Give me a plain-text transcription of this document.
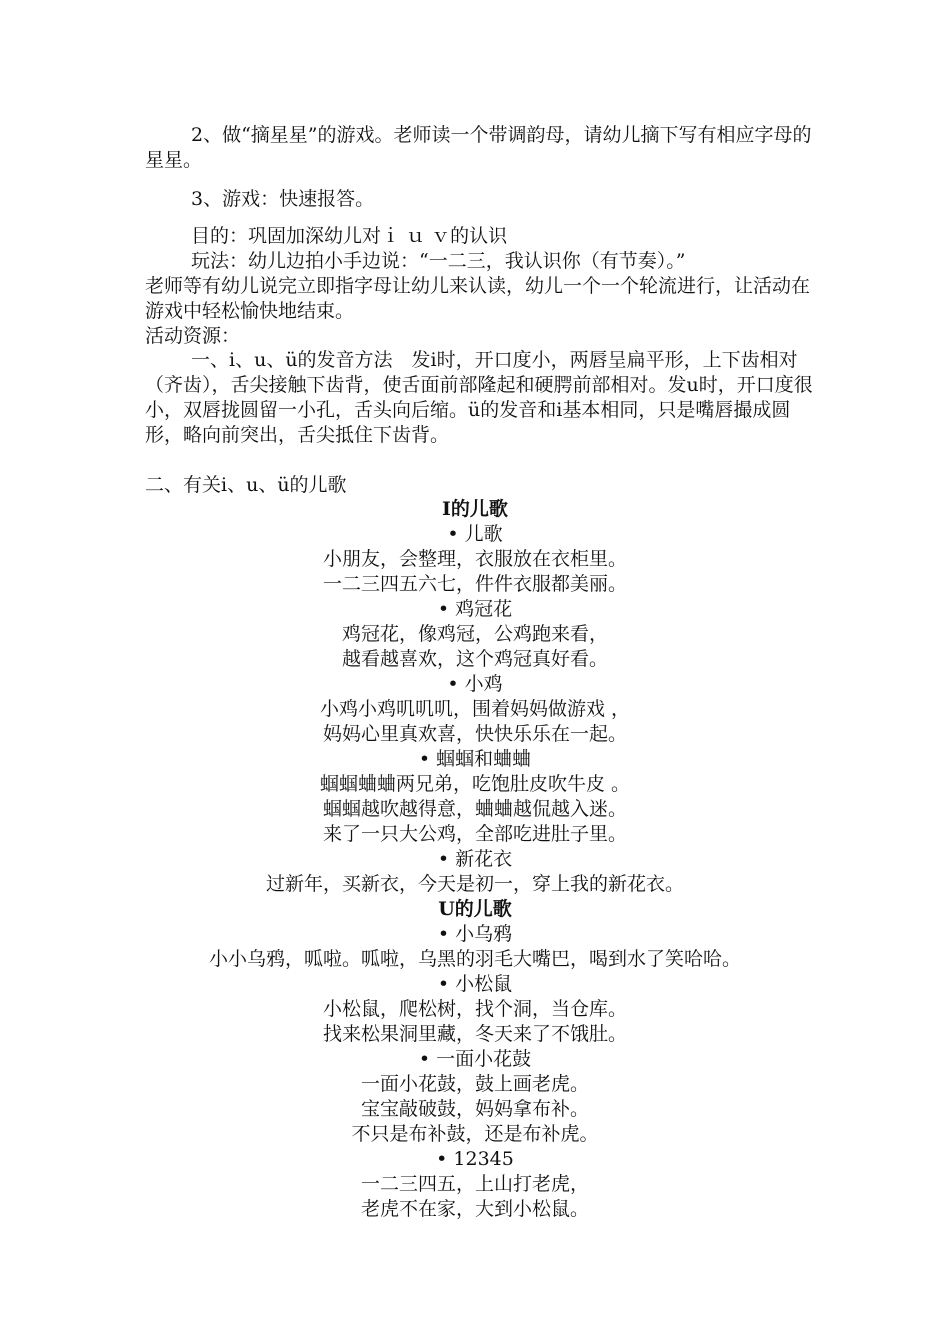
2、做“摘星星”的游戏。老师读一个带调韵母，请幼儿摘下写有相应字母的星星。
3、游戏：快速报答。
目的：巩固加深幼儿对ｉ ｕ ｖ的认识
玩法：幼儿边拍小手边说：“一二三，我认识你（有节奏）。”
老师等有幼儿说完立即指字母让幼儿来认读，幼儿一个一个轮流进行，让活动在游戏中轻松愉快地结束。
活动资源：
一、i、u、ü的发音方法　发i时，开口度小，两唇呈扁平形，上下齿相对（齐齿），舌尖接触下齿背，使舌面前部隆起和硬腭前部相对。发u时，开口度很小，双唇拢圆留一小孔，舌头向后缩。ü的发音和i基本相同，只是嘴唇撮成圆形，略向前突出，舌尖抵住下齿背。
二、有关i、u、ü的儿歌
I的儿歌
• 儿歌
小朋友，会整理，衣服放在衣柜里。
一二三四五六七，件件衣服都美丽。
• 鸡冠花
鸡冠花，像鸡冠，公鸡跑来看，
越看越喜欢，这个鸡冠真好看。
• 小鸡
小鸡小鸡叽叽叽，围着妈妈做游戏 ，
妈妈心里真欢喜，快快乐乐在一起。
• 蝈蝈和蛐蛐
蝈蝈蛐蛐两兄弟，吃饱肚皮吹牛皮 。
蝈蝈越吹越得意，蛐蛐越侃越入迷。
来了一只大公鸡，全部吃进肚子里。
• 新花衣
过新年，买新衣，今天是初一，穿上我的新花衣。
U的儿歌
• 小乌鸦
小小乌鸦，呱啦。呱啦，乌黑的羽毛大嘴巴，喝到水了笑哈哈。
• 小松鼠
小松鼠，爬松树，找个洞，当仓库。
找来松果洞里藏，冬天来了不饿肚。
• 一面小花鼓
一面小花鼓，鼓上画老虎。
宝宝敲破鼓，妈妈拿布补。
不只是布补鼓，还是布补虎。
• 12345
一二三四五，上山打老虎，
老虎不在家，大到小松鼠。
